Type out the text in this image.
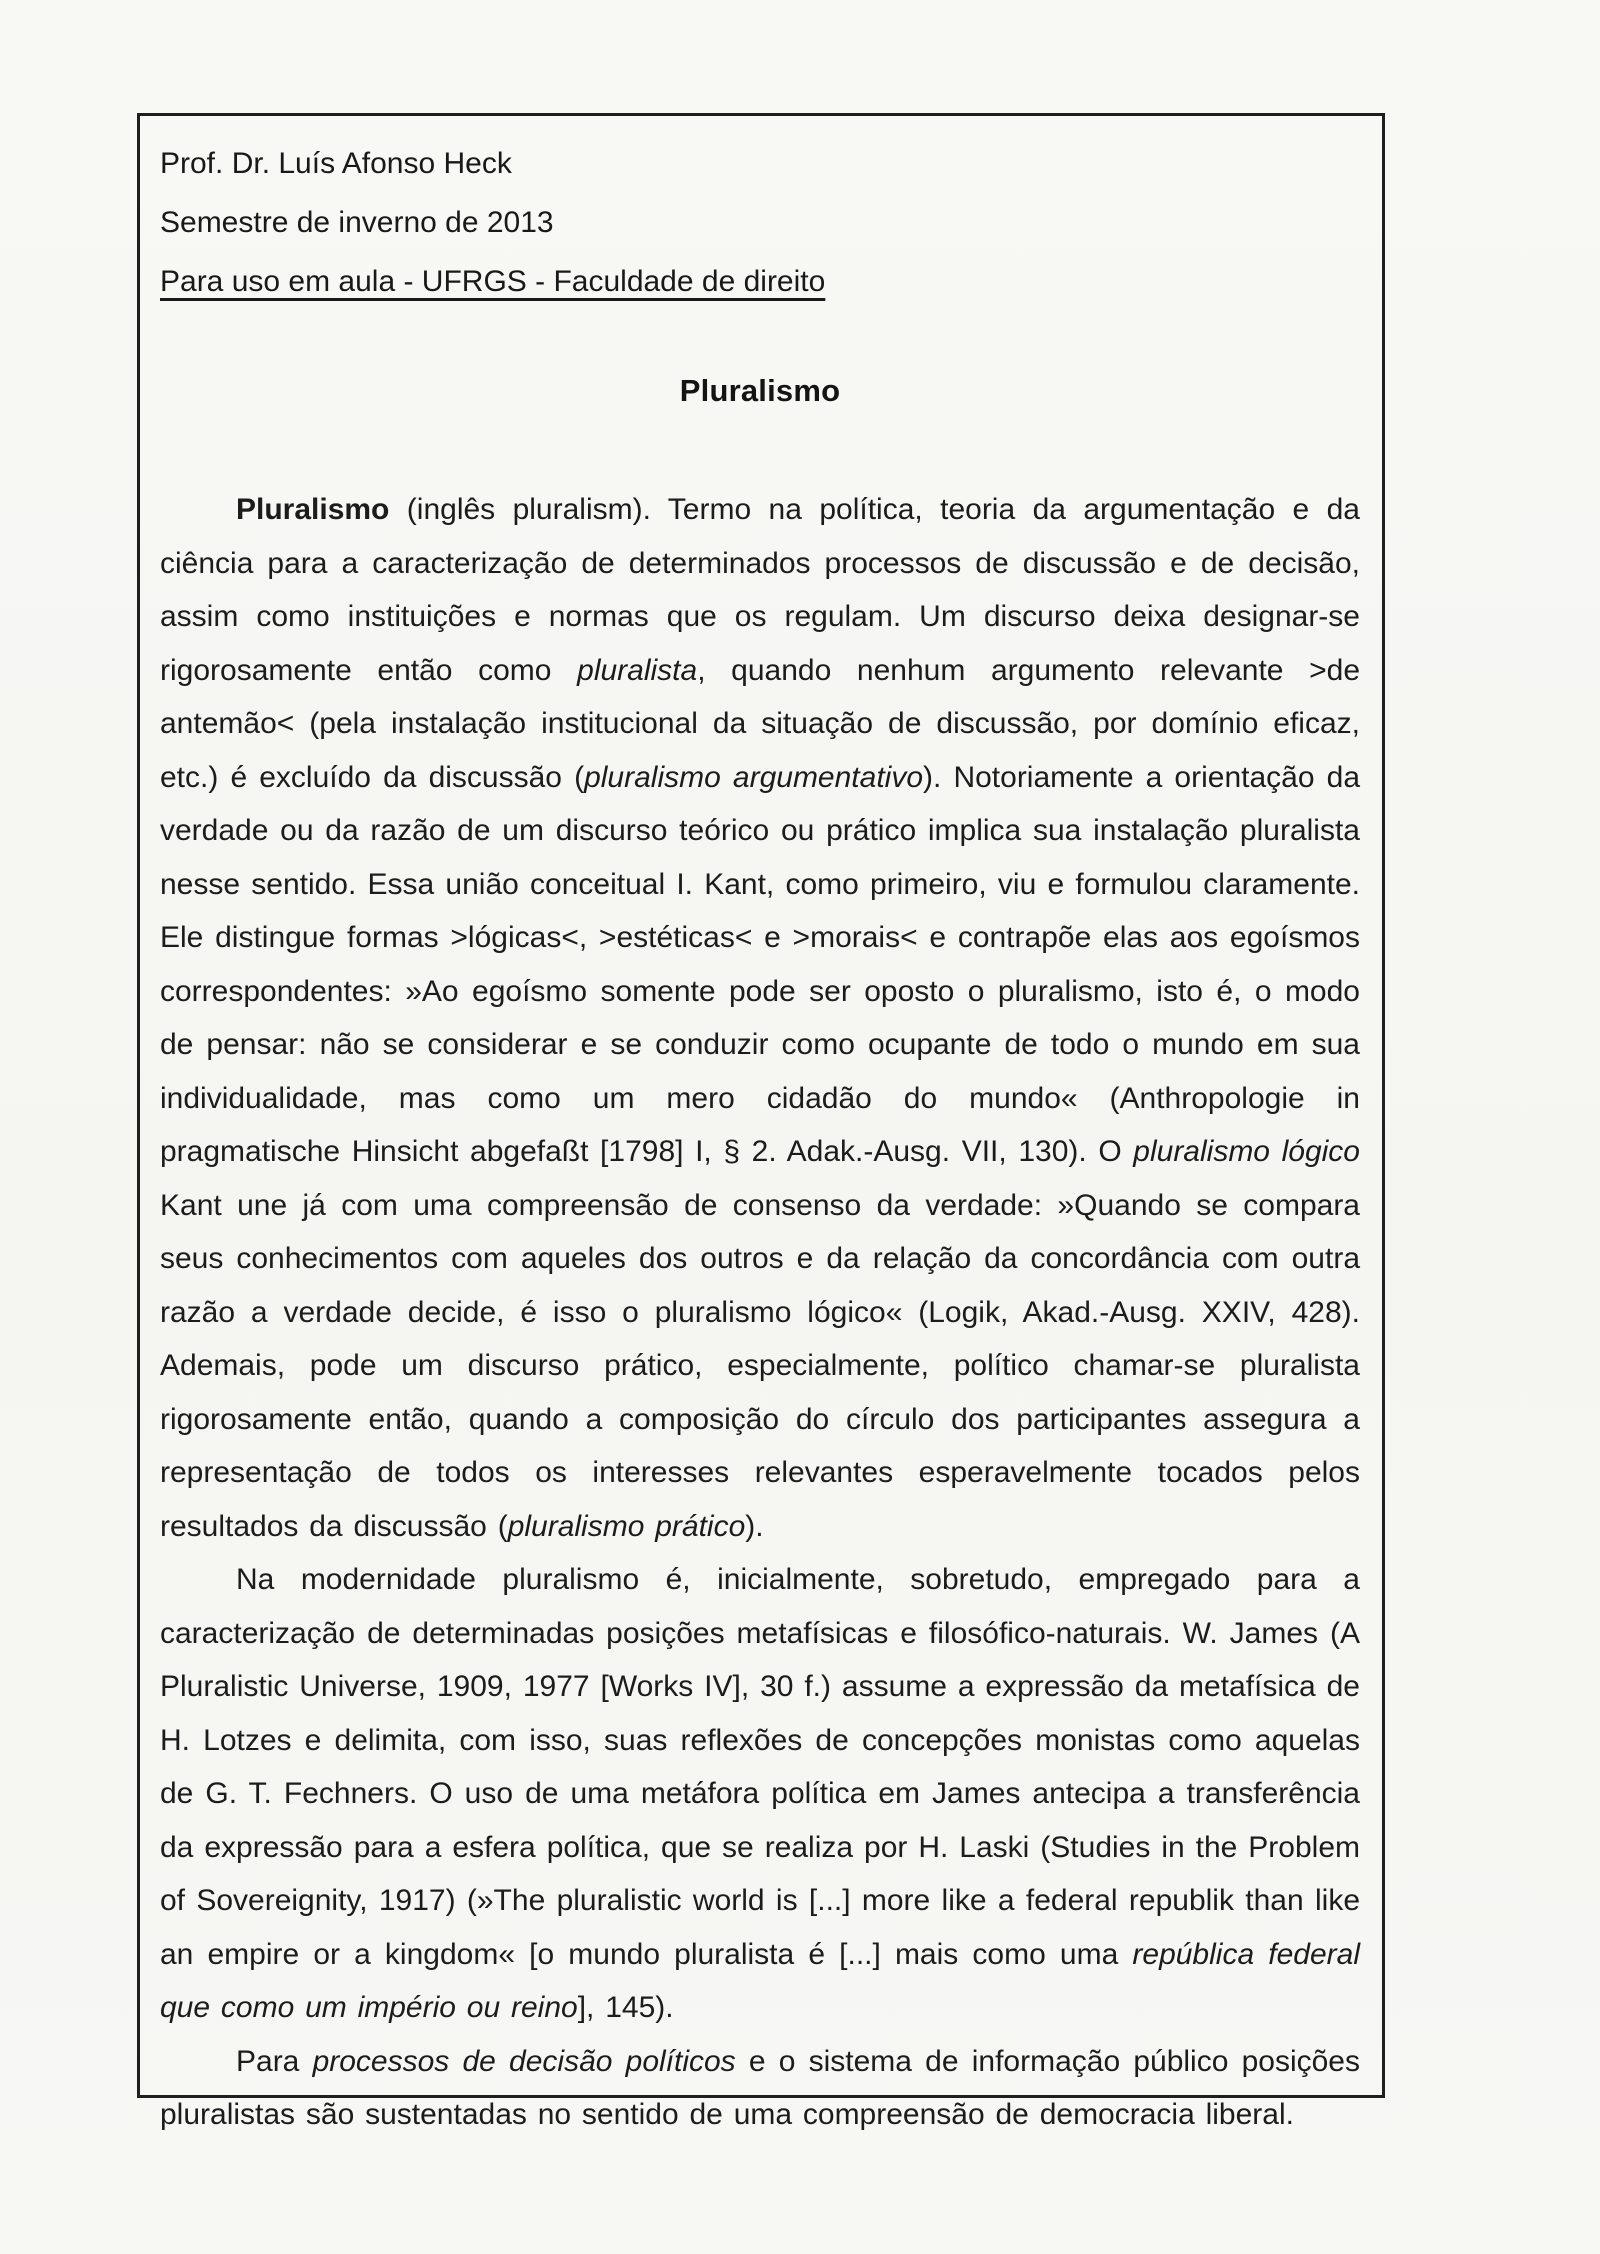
Prof. Dr. Luís Afonso Heck
Semestre de inverno de 2013
Para uso em aula - UFRGS - Faculdade de direito
Pluralismo

Pluralismo (inglês pluralism). Termo na política, teoria da argumentação e da ciência para a caracterização de determinados processos de discussão e de decisão, assim como instituições e normas que os regulam. Um discurso deixa designar-se rigorosamente então como pluralista, quando nenhum argumento relevante >de antemão< (pela instalação institucional da situação de discussão, por domínio eficaz, etc.) é excluído da discussão (pluralismo argumentativo). Notoriamente a orientação da verdade ou da razão de um discurso teórico ou prático implica sua instalação pluralista nesse sentido. Essa união conceitual I. Kant, como primeiro, viu e formulou claramente. Ele distingue formas >lógicas<, >estéticas< e >morais< e contrapõe elas aos egoísmos correspondentes: »Ao egoísmo somente pode ser oposto o pluralismo, isto é, o modo de pensar: não se considerar e se conduzir como ocupante de todo o mundo em sua individualidade, mas como um mero cidadão do mundo« (Anthropologie in pragmatische Hinsicht abgefaßt [1798] I, § 2. Adak.-Ausg. VII, 130). O pluralismo lógico Kant une já com uma compreensão de consenso da verdade: »Quando se compara seus conhecimentos com aqueles dos outros e da relação da concordância com outra razão a verdade decide, é isso o pluralismo lógico« (Logik, Akad.-Ausg. XXIV, 428). Ademais, pode um discurso prático, especialmente, político chamar-se pluralista rigorosamente então, quando a composição do círculo dos participantes assegura a representação de todos os interesses relevantes esperavelmente tocados pelos resultados da discussão (pluralismo prático).

Na modernidade pluralismo é, inicialmente, sobretudo, empregado para a caracterização de determinadas posições metafísicas e filosófico-naturais. W. James (A Pluralistic Universe, 1909, 1977 [Works IV], 30 f.) assume a expressão da metafísica de H. Lotzes e delimita, com isso, suas reflexões de concepções monistas como aquelas de G. T. Fechners. O uso de uma metáfora política em James antecipa a transferência da expressão para a esfera política, que se realiza por H. Laski (Studies in the Problem of Sovereignity, 1917) (»The pluralistic world is [...] more like a federal republik than like an empire or a kingdom« [o mundo pluralista é [...] mais como uma república federal que como um império ou reino], 145).

Para processos de decisão políticos e o sistema de informação público posições pluralistas são sustentadas no sentido de uma compreensão de democracia liberal.
